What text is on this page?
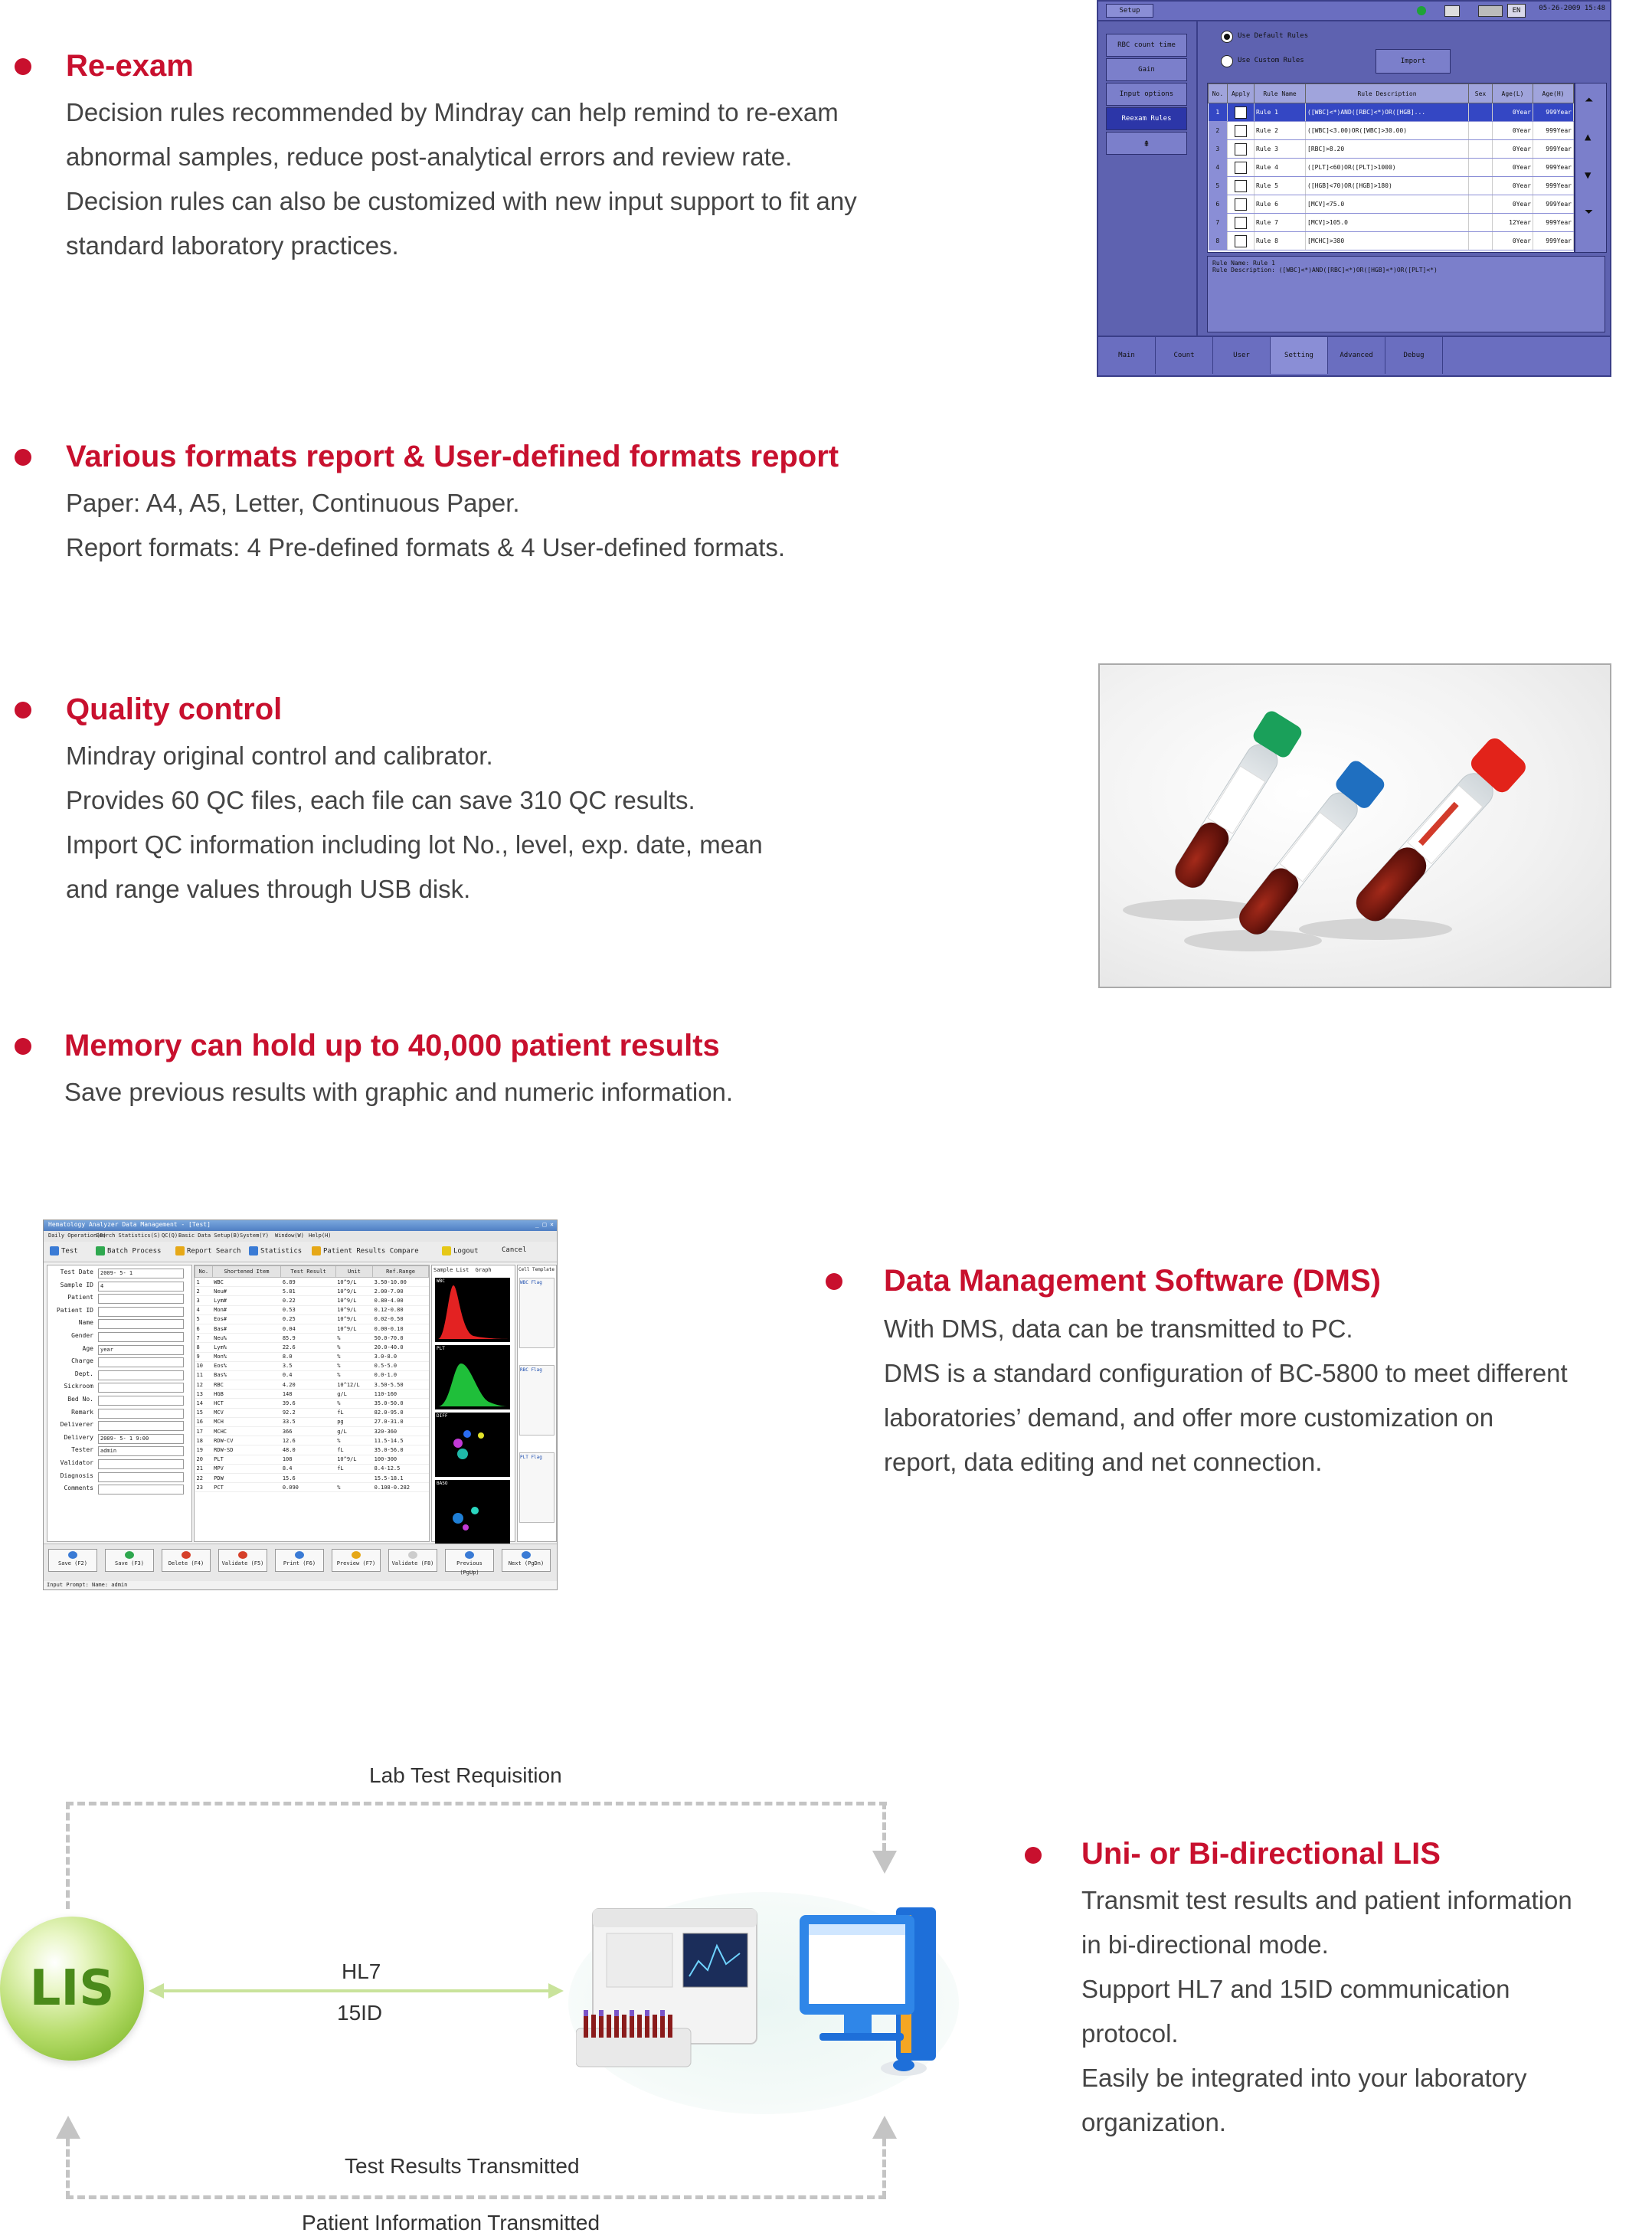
Re-exam
Decision rules recommended by Mindray can help remind to re-exam
abnormal samples, reduce post-analytical errors and review rate.
Decision rules can also be customized with new input support to fit any
standard laboratory practices.
Setup	EN	05-26-2009 15:48
RBC count time
Gain
Input options
Reexam Rules
⇞
Use Default Rules
Use Custom Rules	Import
No.	Apply	Rule Name	Rule Description	Sex	Age(L)	Age(H)
1		Rule 1	([WBC]<*)AND([RBC]<*)OR([HGB]...		0Year	999Year
2		Rule 2	([WBC]<3.00)OR([WBC]>30.00)		0Year	999Year
3		Rule 3	[RBC]>8.20		0Year	999Year
4		Rule 4	([PLT]<60)OR([PLT]>1000)		0Year	999Year
5		Rule 5	([HGB]<70)OR([HGB]>180)		0Year	999Year
6		Rule 6	[MCV]<75.0		0Year	999Year
7		Rule 7	[MCV]>105.0		12Year	999Year
8		Rule 8	[MCHC]>380		0Year	999Year
⏶
▲
▼
⏷
Rule Name: Rule 1
Rule Description: ([WBC]<*)AND([RBC]<*)OR([HGB]<*)OR([PLT]<*)
Main	Count	User	Setting	Advanced	Debug
Various formats report & User-defined formats report
Paper: A4, A5, Letter, Continuous Paper.
Report formats: 4 Pre-defined formats & 4 User-defined formats.
Quality control
Mindray original control and calibrator.
Provides 60 QC files, each file can save 310 QC results.
Import QC information including lot No., level, exp. date, mean
and range values through USB disk.
Memory can hold up to 40,000 patient results
Save previous results with graphic and numeric information.
Hematology Analyzer Data Management - [Test]	_ □ ×
Daily Operation(D)
Search Statistics(S) QC(Q) Basic Data Setup(B) System(Y) Window(W) Help(H)
Test	Batch Process	Report Search	Statistics	Patient Results Compare	Logout	Cancel
Test Date	2009- 5- 1
Sample ID	4
Patient
Patient ID
Name
Gender
Age	year
Charge
Dept.
Sickroom
Bed No.
Remark
Deliverer
Delivery	2009- 5- 1 9:00
Tester	admin
Validator
Diagnosis
Comments
No.	Shortened Item	Test Result	Unit	Ref.Range
1	WBC	6.89	10^9/L	3.50-10.00
2	Neu#	5.81	10^9/L	2.00-7.00
3	Lym#	0.22	10^9/L	0.80-4.00
4	Mon#	0.53	10^9/L	0.12-0.80
5	Eos#	0.25	10^9/L	0.02-0.50
6	Bas#	0.04	10^9/L	0.00-0.10
7	Neu%	85.9	%	50.0-70.0
8	Lym%	22.6	%	20.0-40.0
9	Mon%	8.0	%	3.0-8.0
10	Eos%	3.5	%	0.5-5.0
11	Bas%	0.4	%	0.0-1.0
12	RBC	4.20	10^12/L	3.50-5.50
13	HGB	148	g/L	110-160
14	HCT	39.6	%	35.0-50.0
15	MCV	92.2	fL	82.0-95.0
16	MCH	33.5	pg	27.0-31.0
17	MCHC	366	g/L	320-360
18	RDW-CV	12.6	%	11.5-14.5
19	RDW-SD	48.0	fL	35.0-56.0
20	PLT	108	10^9/L	100-300
21	MPV	8.4	fL	8.4-12.5
22	PDW	15.6		15.5-18.1
23	PCT	0.090	%	0.108-0.282
Sample List Graph
WBC
PLT
DIFF
BASO
Cell Template
WBC Flag
RBC Flag
PLT Flag
Save (F2)	Save (F3)	Delete (F4)	Validate (F5)	Print (F6)	Preview (F7)	Validate (F8)	Previous (PgUp)
Next (PgDn)
Input Prompt: Name: admin
Data Management Software (DMS)
With DMS, data can be transmitted to PC.
DMS is a standard configuration of BC-5800 to meet different
laboratories’ demand, and offer more customization on
report, data editing and net connection.
Lab Test Requisition
LIS	HL7
15ID
Test Results Transmitted
Patient Information Transmitted
Uni- or Bi-directional LIS
Transmit test results and patient information
in bi-directional mode.
Support HL7 and 15ID communication
protocol.
Easily be integrated into your laboratory
organization.
